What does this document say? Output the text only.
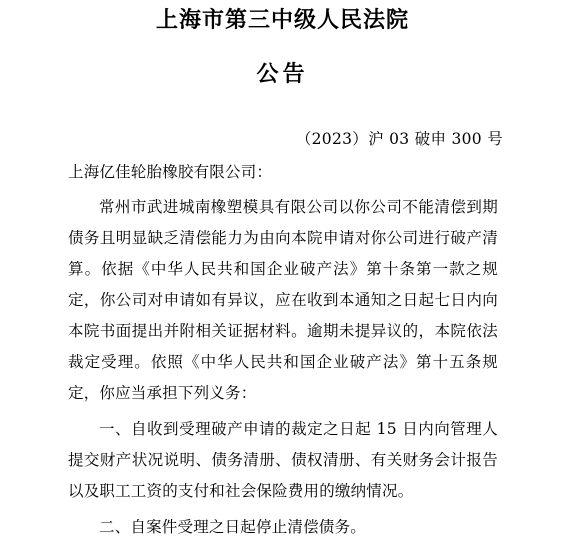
上海市第三中级人民法院
公告
（2023）沪 03 破申 300 号
上海亿佳轮胎橡胶有限公司：

常州市武进城南橡塑模具有限公司以你公司不能清偿到期债务且明显缺乏清偿能力为由向本院申请对你公司进行破产清算。依据《中华人民共和国企业破产法》第十条第一款之规定，你公司对申请如有异议，应在收到本通知之日起七日内向本院书面提出并附相关证据材料。逾期未提异议的，本院依法裁定受理。依照《中华人民共和国企业破产法》第十五条规定，你应当承担下列义务：

一、自收到受理破产申请的裁定之日起 15 日内向管理人提交财产状况说明、债务清册、债权清册、有关财务会计报告以及职工工资的支付和社会保险费用的缴纳情况。

二、自案件受理之日起停止清偿债务。
